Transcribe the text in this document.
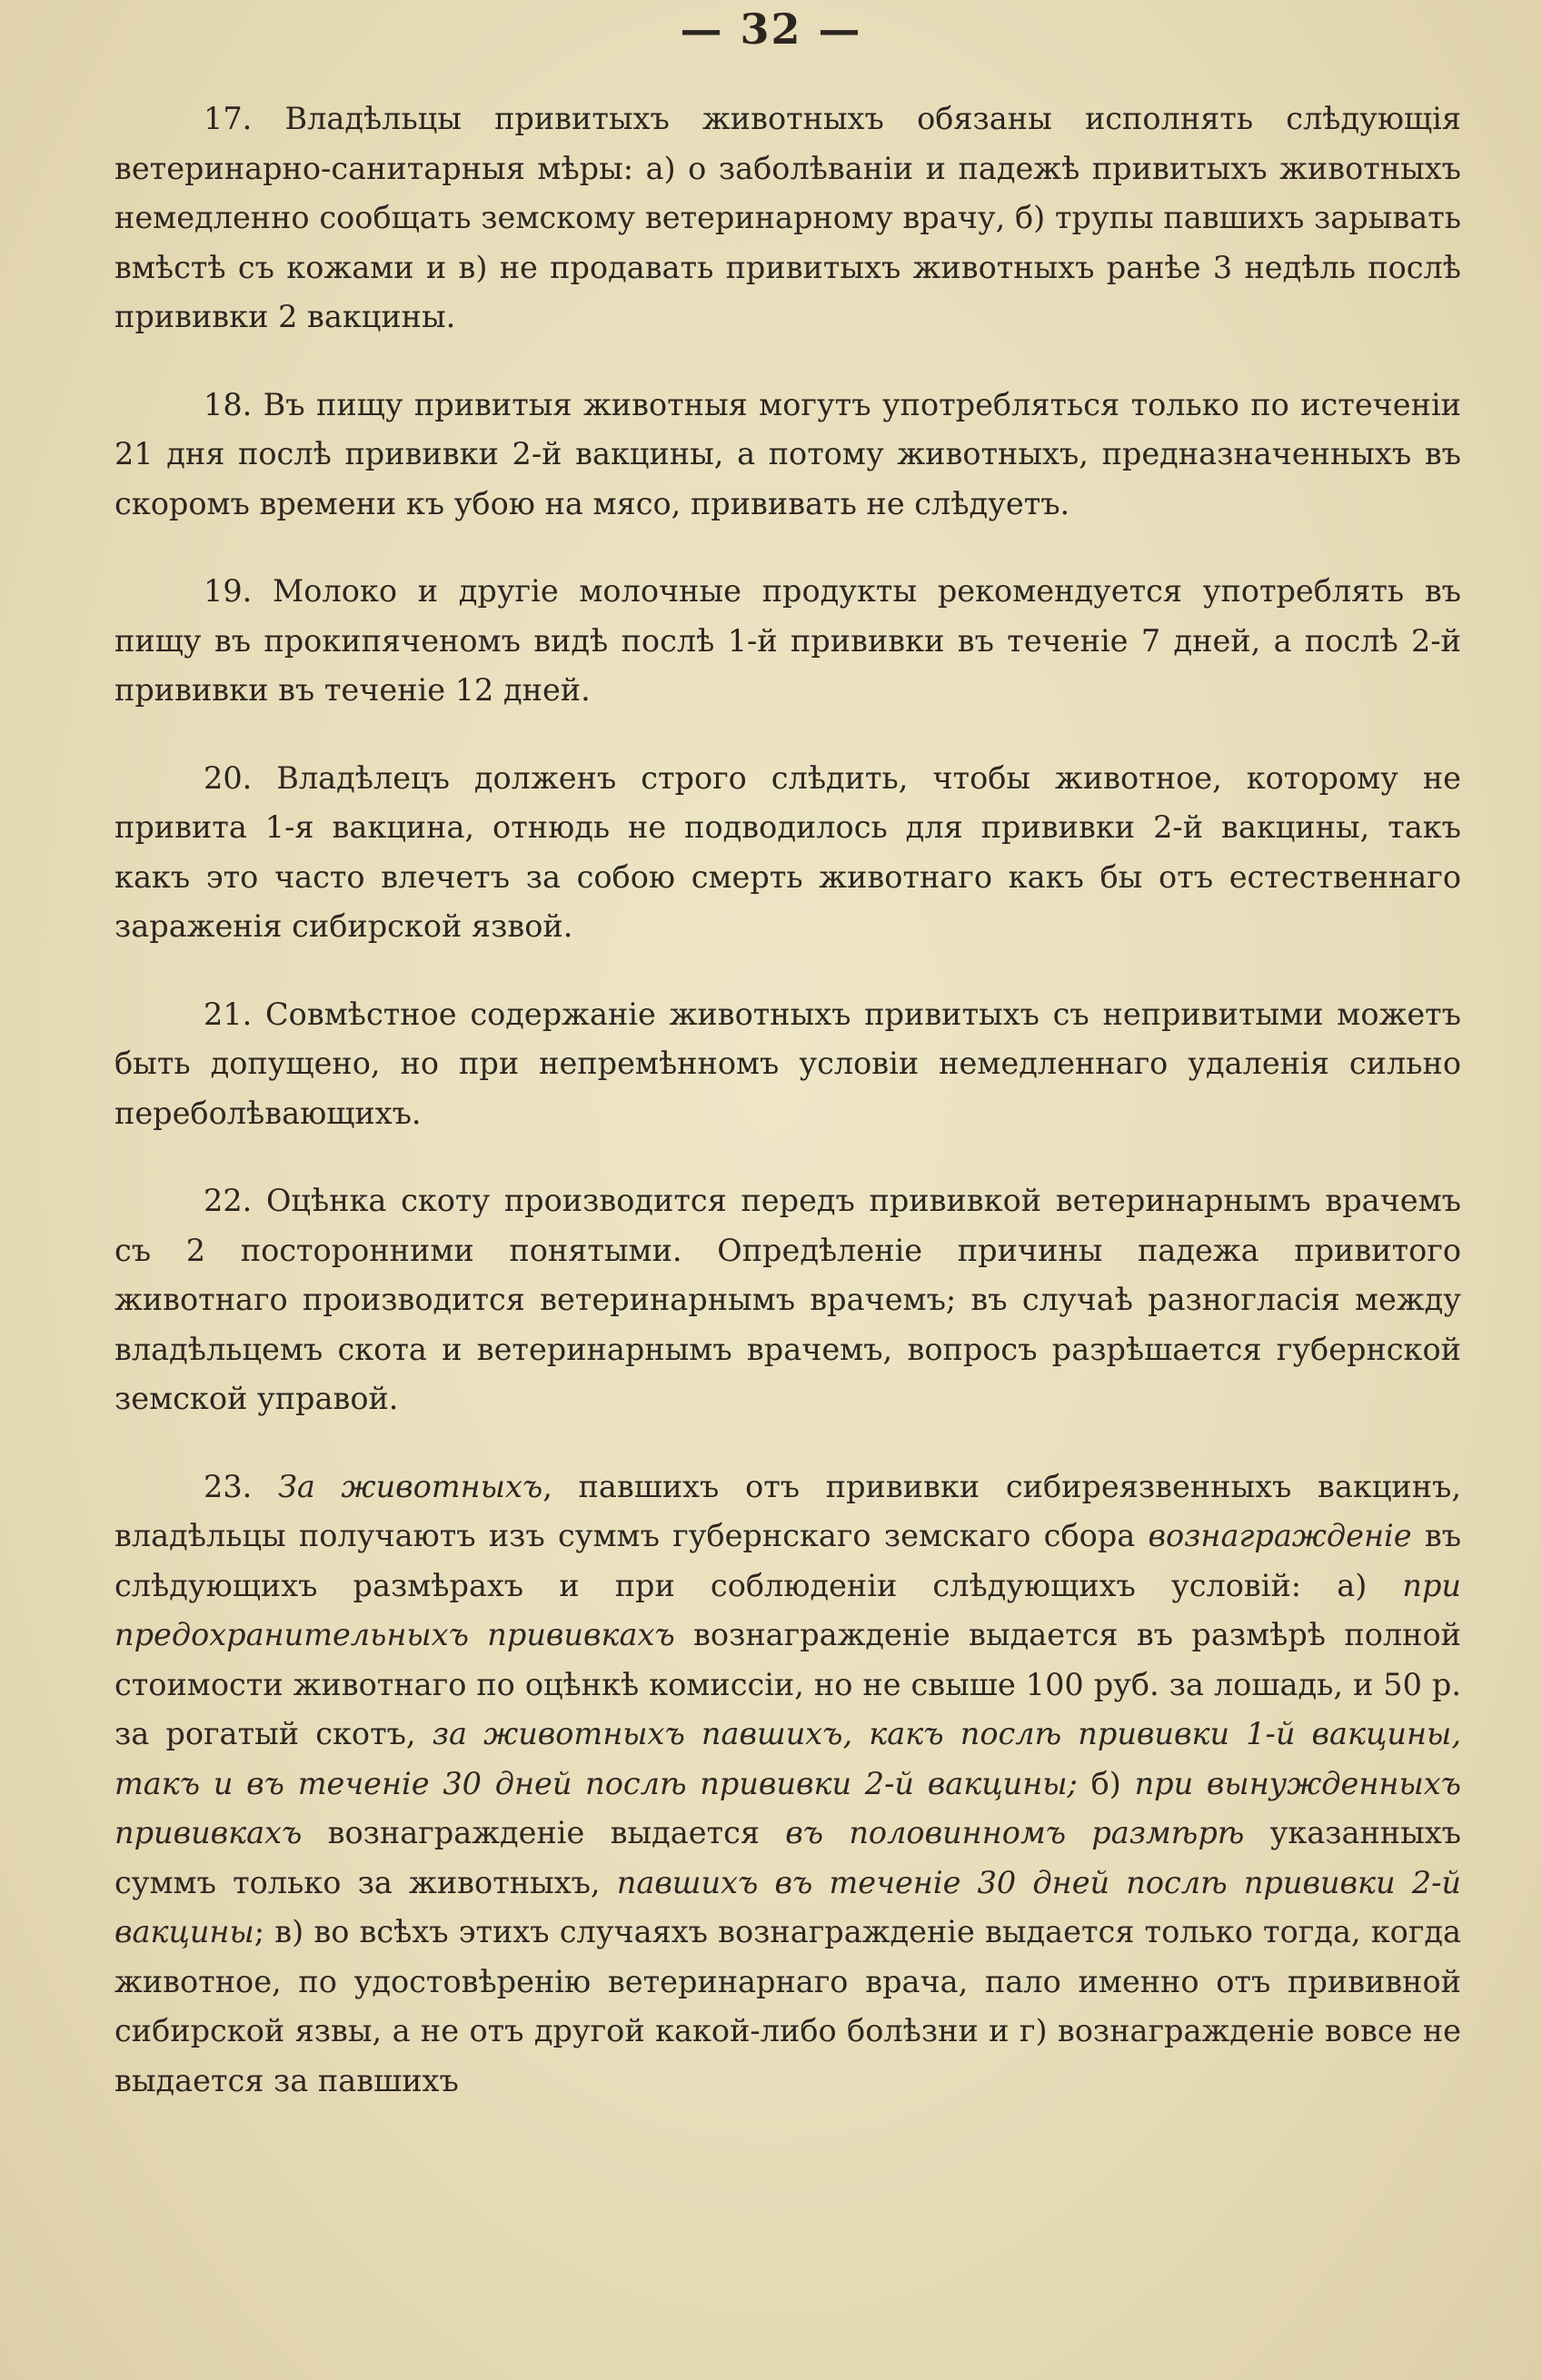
— 32 —

17. Владѣльцы привитыхъ животныхъ обязаны исполнять слѣдующія ветеринарно-санитарныя мѣры: а) о заболѣваніи и падежѣ привитыхъ животныхъ немедленно сообщать земскому ветеринарному врачу, б) трупы павшихъ зарывать вмѣстѣ съ кожами и в) не продавать привитыхъ животныхъ ранѣе 3 недѣль послѣ прививки 2 вакцины.

18. Въ пищу привитыя животныя могутъ употребляться только по истеченіи 21 дня послѣ прививки 2-й вакцины, а потому животныхъ, предназначенныхъ въ скоромъ времени къ убою на мясо, прививать не слѣдуетъ.

19. Молоко и другіе молочные продукты рекомендуется употреблять въ пищу въ прокипяченомъ видѣ послѣ 1-й прививки въ теченіе 7 дней, а послѣ 2-й прививки въ теченіе 12 дней.

20. Владѣлецъ долженъ строго слѣдить, чтобы животное, которому не привита 1-я вакцина, отнюдь не подводилось для прививки 2-й вакцины, такъ какъ это часто влечетъ за собою смерть животнаго какъ бы отъ естественнаго зараженія сибирской язвой.

21. Совмѣстное содержаніе животныхъ привитыхъ съ непривитыми можетъ быть допущено, но при непремѣнномъ условіи немедленнаго удаленія сильно переболѣвающихъ.

22. Оцѣнка скоту производится передъ прививкой ветеринарнымъ врачемъ съ 2 посторонними понятыми. Опредѣленіе причины падежа привитого животнаго производится ветеринарнымъ врачемъ; въ случаѣ разногласія между владѣльцемъ скота и ветеринарнымъ врачемъ, вопросъ разрѣшается губернской земской управой.

23. За животныхъ, павшихъ отъ прививки сибиреязвенныхъ вакцинъ, владѣльцы получаютъ изъ суммъ губернскаго земскаго сбора вознагражденіе въ слѣдующихъ размѣрахъ и при соблюденіи слѣдующихъ условій: а) при предохранительныхъ прививкахъ вознагражденіе выдается въ размѣрѣ полной стоимости животнаго по оцѣнкѣ комиссіи, но не свыше 100 руб. за лошадь, и 50 р. за рогатый скотъ, за животныхъ павшихъ, какъ послѣ прививки 1-й вакцины, такъ и въ теченіе 30 дней послѣ прививки 2-й вакцины; б) при вынужденныхъ прививкахъ вознагражденіе выдается въ половинномъ размѣрѣ указанныхъ суммъ только за животныхъ, павшихъ въ теченіе 30 дней послѣ прививки 2-й вакцины; в) во всѣхъ этихъ случаяхъ вознагражденіе выдается только тогда, когда животное, по удостовѣренію ветеринарнаго врача, пало именно отъ прививной сибирской язвы, а не отъ другой какой-либо болѣзни и г) вознагражденіе вовсе не выдается за павшихъ
